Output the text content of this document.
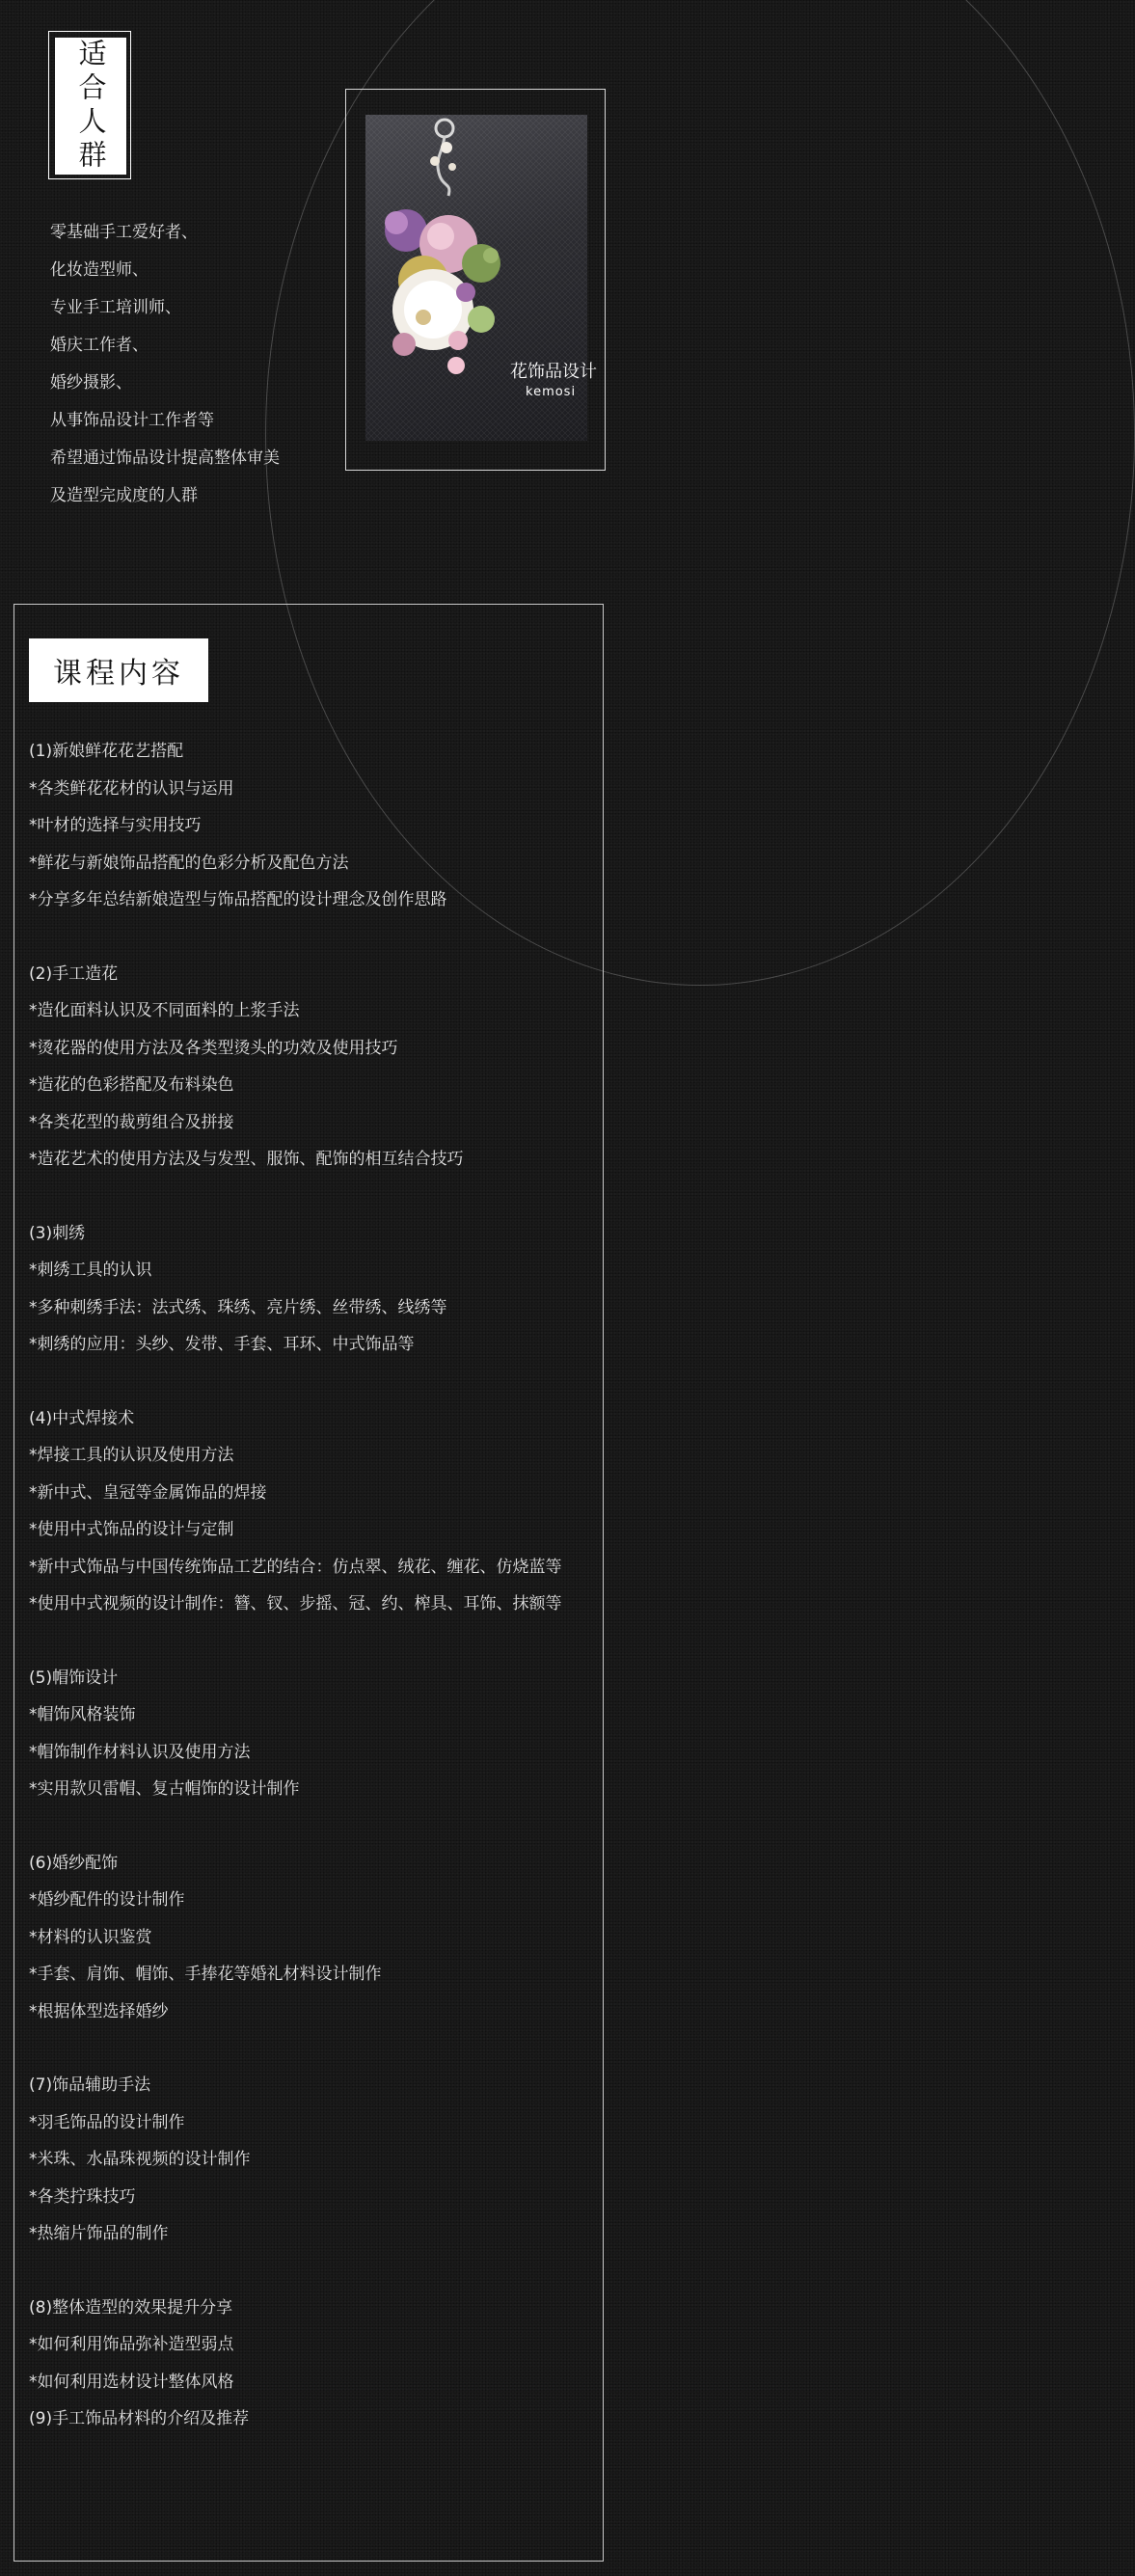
适合人群
零基础手工爱好者、
化妆造型师、
专业手工培训师、
婚庆工作者、
婚纱摄影、
从事饰品设计工作者等
希望通过饰品设计提高整体审美
及造型完成度的人群
花饰品设计
kemosi
课程内容
(1)新娘鲜花花艺搭配
*各类鲜花花材的认识与运用
*叶材的选择与实用技巧
*鲜花与新娘饰品搭配的色彩分析及配色方法
*分享多年总结新娘造型与饰品搭配的设计理念及创作思路
(2)手工造花
*造化面料认识及不同面料的上浆手法
*烫花器的使用方法及各类型烫头的功效及使用技巧
*造花的色彩搭配及布料染色
*各类花型的裁剪组合及拼接
*造花艺术的使用方法及与发型、服饰、配饰的相互结合技巧
(3)刺绣
*刺绣工具的认识
*多种刺绣手法：法式绣、珠绣、亮片绣、丝带绣、线绣等
*刺绣的应用：头纱、发带、手套、耳环、中式饰品等
(4)中式焊接术
*焊接工具的认识及使用方法
*新中式、皇冠等金属饰品的焊接
*使用中式饰品的设计与定制
*新中式饰品与中国传统饰品工艺的结合：仿点翠、绒花、缠花、仿烧蓝等
*使用中式视频的设计制作：簪、钗、步摇、冠、约、榨具、耳饰、抹额等
(5)帽饰设计
*帽饰风格装饰
*帽饰制作材料认识及使用方法
*实用款贝雷帽、复古帽饰的设计制作
(6)婚纱配饰
*婚纱配件的设计制作
*材料的认识鉴赏
*手套、肩饰、帽饰、手捧花等婚礼材料设计制作
*根据体型选择婚纱
(7)饰品辅助手法
*羽毛饰品的设计制作
*米珠、水晶珠视频的设计制作
*各类拧珠技巧
*热缩片饰品的制作
(8)整体造型的效果提升分享
*如何利用饰品弥补造型弱点
*如何利用选材设计整体风格
(9)手工饰品材料的介绍及推荐
